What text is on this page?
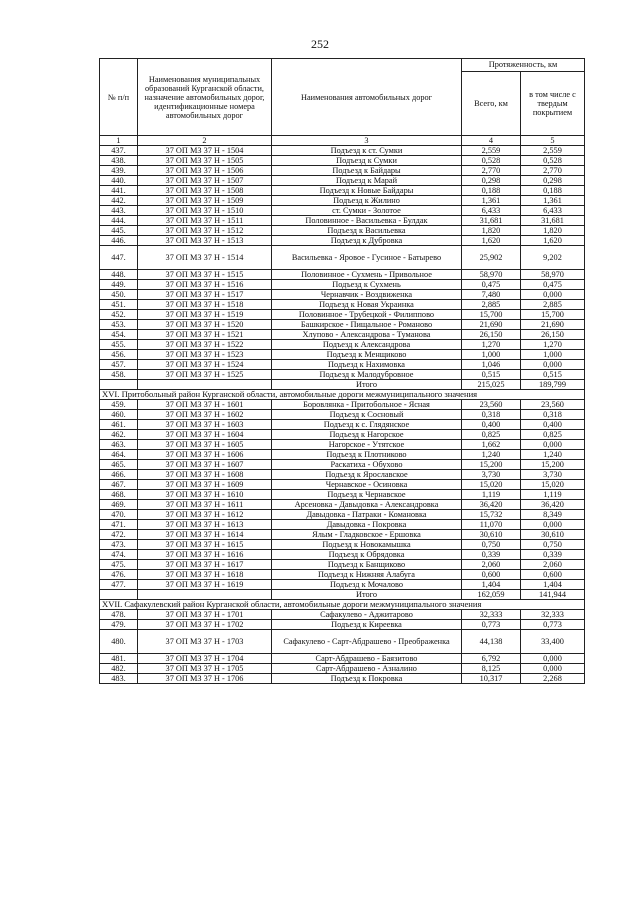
252
№ п/п	Наименования муниципальных образований Курганской области, назначение автомобильных дорог, идентификационные номера автомобильных дорог	Наименования автомобильных дорог	Протяженность, км	
			Всего, км	в том числе с твердым покрытием
1	2	3	4	5
437.	37 ОП МЗ 37 Н - 1504	Подъезд к ст. Сумки	2,559	2,559
438.	37 ОП МЗ 37 Н - 1505	Подъезд к Сумки	0,528	0,528
439.	37 ОП МЗ 37 Н - 1506	Подъезд к Байдары	2,770	2,770
440.	37 ОП МЗ 37 Н - 1507	Подъезд к Марай	0,298	0,298
441.	37 ОП МЗ 37 Н - 1508	Подъезд к Новые Байдары	0,188	0,188
442.	37 ОП МЗ 37 Н - 1509	Подъезд к Жилино	1,361	1,361
443.	37 ОП МЗ 37 Н - 1510	ст. Сумки - Золотое	6,433	6,433
444.	37 ОП МЗ 37 Н - 1511	Половинное - Васильевка - Булдак	31,681	31,681
445.	37 ОП МЗ 37 Н - 1512	Подъезд к Васильевка	1,820	1,820
446.	37 ОП МЗ 37 Н - 1513	Подъезд к Дубровка	1,620	1,620
447.	37 ОП МЗ 37 Н - 1514	Васильевка - Яровое - Гусиное - Батырево	25,902	9,202
448.	37 ОП МЗ 37 Н - 1515	Половинное - Сухмень - Привольное	58,970	58,970
449.	37 ОП МЗ 37 Н - 1516	Подъезд к Сухмень	0,475	0,475
450.	37 ОП МЗ 37 Н - 1517	Чернавчик - Воздвиженка	7,480	0,000
451.	37 ОП МЗ 37 Н - 1518	Подъезд к Новая Украинка	2,885	2,885
452.	37 ОП МЗ 37 Н - 1519	Половинное - Трубецкой - Филиппово	15,700	15,700
453.	37 ОП МЗ 37 Н - 1520	Башкирское - Пищальное - Романово	21,690	21,690
454.	37 ОП МЗ 37 Н - 1521	Хлупово - Александрова - Туманова	26,150	26,150
455.	37 ОП МЗ 37 Н - 1522	Подъезд к Александрова	1,270	1,270
456.	37 ОП МЗ 37 Н - 1523	Подъезд к Менщиково	1,000	1,000
457.	37 ОП МЗ 37 Н - 1524	Подъезд к Нахимовка	1,046	0,000
458.	37 ОП МЗ 37 Н - 1525	Подъезд к Малодубровное	0,515	0,515
		Итого	215,025	189,799
XVI. Притобольный район Курганской области, автомобильные дороги межмуниципального значения				
459.	37 ОП МЗ 37 Н - 1601	Боровлянка - Притобольное - Ясная	23,560	23,560
460.	37 ОП МЗ 37 Н - 1602	Подъезд к Сосновый	0,318	0,318
461.	37 ОП МЗ 37 Н - 1603	Подъезд к с. Глядянское	0,400	0,400
462.	37 ОП МЗ 37 Н - 1604	Подъезд к Нагорское	0,825	0,825
463.	37 ОП МЗ 37 Н - 1605	Нагорское - Утятское	1,662	0,000
464.	37 ОП МЗ 37 Н - 1606	Подъезд к Плотниково	1,240	1,240
465.	37 ОП МЗ 37 Н - 1607	Раскатиха - Обухово	15,200	15,200
466.	37 ОП МЗ 37 Н - 1608	Подъезд к Ярославское	3,730	3,730
467.	37 ОП МЗ 37 Н - 1609	Чернавское - Осиновка	15,020	15,020
468.	37 ОП МЗ 37 Н - 1610	Подъезд к Чернавское	1,119	1,119
469.	37 ОП МЗ 37 Н - 1611	Арсеновка - Давыдовка - Александровка	36,420	36,420
470.	37 ОП МЗ 37 Н - 1612	Давыдовка - Патраки - Комановка	15,732	8,349
471.	37 ОП МЗ 37 Н - 1613	Давыдовка - Покровка	11,070	0,000
472.	37 ОП МЗ 37 Н - 1614	Ялым - Гладковское - Ершовка	30,610	30,610
473.	37 ОП МЗ 37 Н - 1615	Подъезд к Новокамышка	0,750	0,750
474.	37 ОП МЗ 37 Н - 1616	Подъезд к Обрядовка	0,339	0,339
475.	37 ОП МЗ 37 Н - 1617	Подъезд к Банщиково	2,060	2,060
476.	37 ОП МЗ 37 Н - 1618	Подъезд к Нижняя Алабуга	0,600	0,600
477.	37 ОП МЗ 37 Н - 1619	Подъезд к Мочалово	1,404	1,404
		Итого	162,059	141,944
XVII. Сафакулевский район Курганской области, автомобильные дороги межмуниципального значения				
478.	37 ОП МЗ 37 Н - 1701	Сафакулево - Аджитарово	32,333	32,333
479.	37 ОП МЗ 37 Н - 1702	Подъезд к Киреевка	0,773	0,773
480.	37 ОП МЗ 37 Н - 1703	Сафакулево - Сарт-Абдрашево - Преображенка	44,138	33,400
481.	37 ОП МЗ 37 Н - 1704	Сарт-Абдрашево - Баязитово	6,792	0,000
482.	37 ОП МЗ 37 Н - 1705	Сарт-Абдрашево - Азналино	8,125	0,000
483.	37 ОП МЗ 37 Н - 1706	Подъезд к Покровка	10,317	2,268
